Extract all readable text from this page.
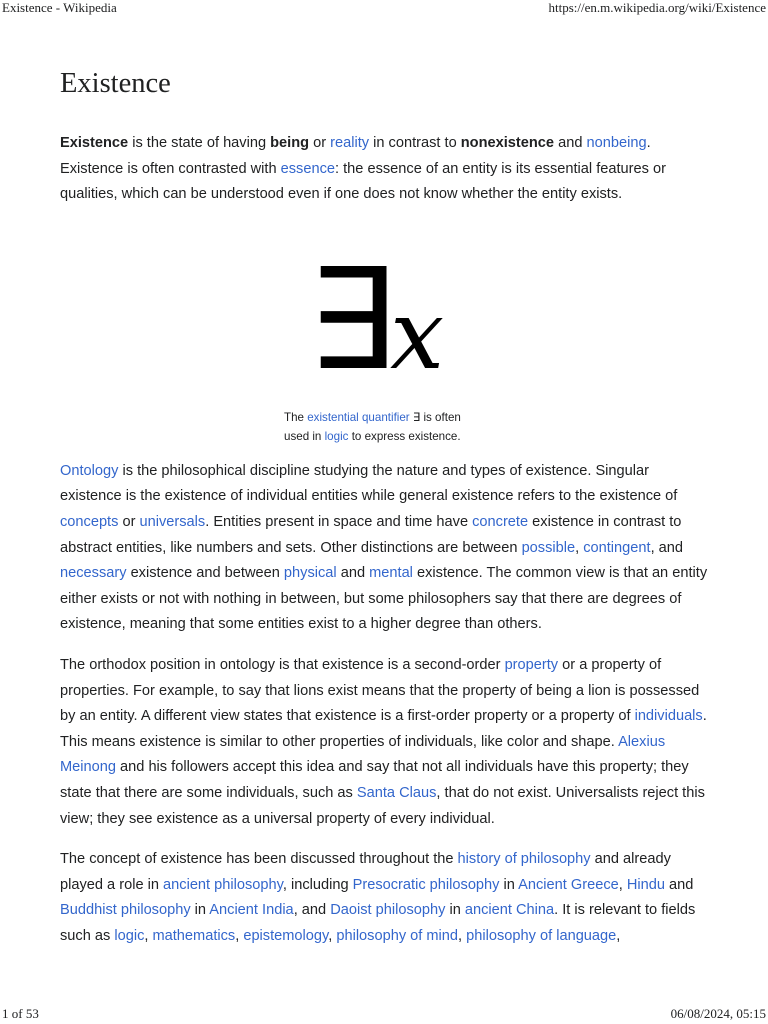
Existence - Wikipedia	https://en.m.wikipedia.org/wiki/Existence
Existence

Existence is the state of having being or reality in contrast to nonexistence and nonbeing. Existence is often contrasted with essence: the essence of an entity is its essential features or qualities, which can be understood even if one does not know whether the entity exists.

∃
x
The existential quantifier ∃ is often used in logic to express existence.

Ontology is the philosophical discipline studying the nature and types of existence. Singular existence is the existence of individual entities while general existence refers to the existence of concepts or universals. Entities present in space and time have concrete existence in contrast to abstract entities, like numbers and sets. Other distinctions are between possible, contingent, and necessary existence and between physical and mental existence. The common view is that an entity either exists or not with nothing in between, but some philosophers say that there are degrees of existence, meaning that some entities exist to a higher degree than others.

The orthodox position in ontology is that existence is a second-order property or a property of properties. For example, to say that lions exist means that the property of being a lion is possessed by an entity. A different view states that existence is a first-order property or a property of individuals. This means existence is similar to other properties of individuals, like color and shape. Alexius Meinong and his followers accept this idea and say that not all individuals have this property; they state that there are some individuals, such as Santa Claus, that do not exist. Universalists reject this view; they see existence as a universal property of every individual.

The concept of existence has been discussed throughout the history of philosophy and already played a role in ancient philosophy, including Presocratic philosophy in Ancient Greece, Hindu and Buddhist philosophy in Ancient India, and Daoist philosophy in ancient China. It is relevant to fields such as logic, mathematics, epistemology, philosophy of mind, philosophy of language,

1 of 53	06/08/2024, 05:15
